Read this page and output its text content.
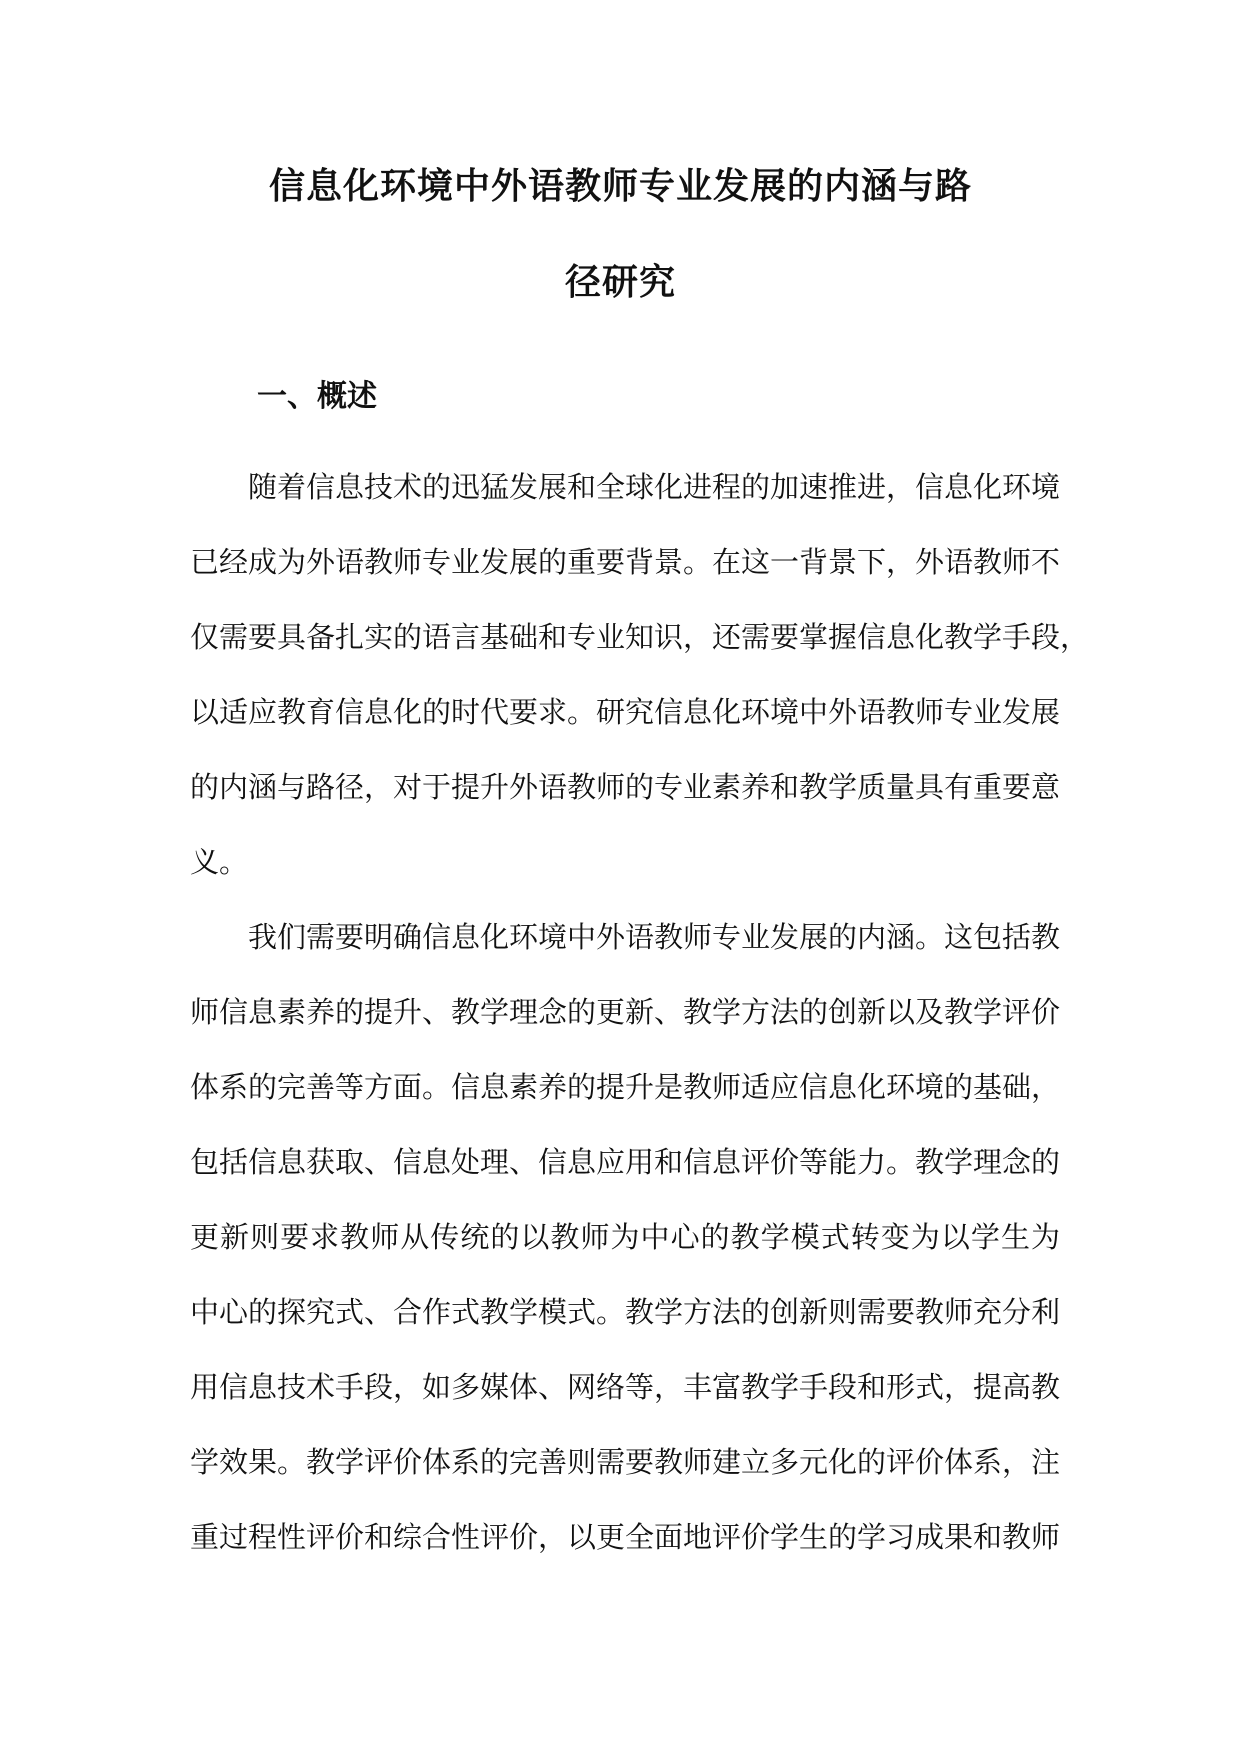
信息化环境中外语教师专业发展的内涵与路
径研究
一、概述
随着信息技术的迅猛发展和全球化进程的加速推进，信息化环境
已经成为外语教师专业发展的重要背景。在这一背景下，外语教师不
仅需要具备扎实的语言基础和专业知识，还需要掌握信息化教学手段，
以适应教育信息化的时代要求。研究信息化环境中外语教师专业发展
的内涵与路径，对于提升外语教师的专业素养和教学质量具有重要意
义。
我们需要明确信息化环境中外语教师专业发展的内涵。这包括教
师信息素养的提升、教学理念的更新、教学方法的创新以及教学评价
体系的完善等方面。信息素养的提升是教师适应信息化环境的基础，
包括信息获取、信息处理、信息应用和信息评价等能力。教学理念的
更新则要求教师从传统的以教师为中心的教学模式转变为以学生为
中心的探究式、合作式教学模式。教学方法的创新则需要教师充分利
用信息技术手段，如多媒体、网络等，丰富教学手段和形式，提高教
学效果。教学评价体系的完善则需要教师建立多元化的评价体系，注
重过程性评价和综合性评价，以更全面地评价学生的学习成果和教师
